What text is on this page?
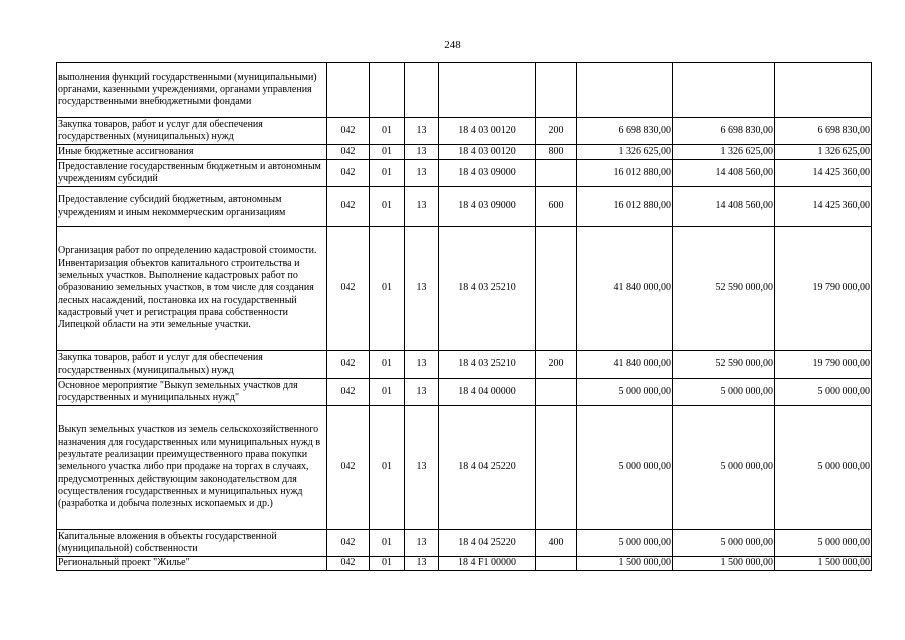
248
выполнения функций государственными (муниципальными) органами, казенными учреждениями, органами управления государственными внебюджетными фондами								
Закупка товаров, работ и услуг для обеспечения государственных (муниципальных) нужд	042	01	13	18 4 03 00120	200	6 698 830,00	6 698 830,00	6 698 830,00
Иные бюджетные ассигнования	042	01	13	18 4 03 00120	800	1 326 625,00	1 326 625,00	1 326 625,00
Предоставление государственным бюджетным и автономным учреждениям субсидий	042	01	13	18 4 03 09000		16 012 880,00	14 408 560,00	14 425 360,00
Предоставление субсидий бюджетным, автономным учреждениям и иным некоммерческим организациям	042	01	13	18 4 03 09000	600	16 012 880,00	14 408 560,00	14 425 360,00
Организация работ по определению кадастровой стоимости. Инвентаризация объектов капитального строительства и земельных участков. Выполнение кадастровых работ по образованию земельных участков, в том числе для создания лесных насаждений, постановка их на государственный кадастровый учет и регистрация права собственности Липецкой области на эти земельные участки.	042	01	13	18 4 03 25210		41 840 000,00	52 590 000,00	19 790 000,00
Закупка товаров, работ и услуг для обеспечения государственных (муниципальных) нужд	042	01	13	18 4 03 25210	200	41 840 000,00	52 590 000,00	19 790 000,00
Основное мероприятие "Выкуп земельных участков для государственных и муниципальных нужд"	042	01	13	18 4 04 00000		5 000 000,00	5 000 000,00	5 000 000,00
Выкуп земельных участков из земель сельскохозяйственного назначения для государственных или муниципальных нужд в результате реализации преимущественного права покупки земельного участка либо при продаже на торгах в случаях, предусмотренных действующим законодательством для осуществления государственных и муниципальных нужд (разработка и добыча полезных ископаемых и др.)	042	01	13	18 4 04 25220		5 000 000,00	5 000 000,00	5 000 000,00
Капитальные вложения в объекты государственной (муниципальной) собственности	042	01	13	18 4 04 25220	400	5 000 000,00	5 000 000,00	5 000 000,00
Региональный проект "Жилье"	042	01	13	18 4 F1 00000		1 500 000,00	1 500 000,00	1 500 000,00
